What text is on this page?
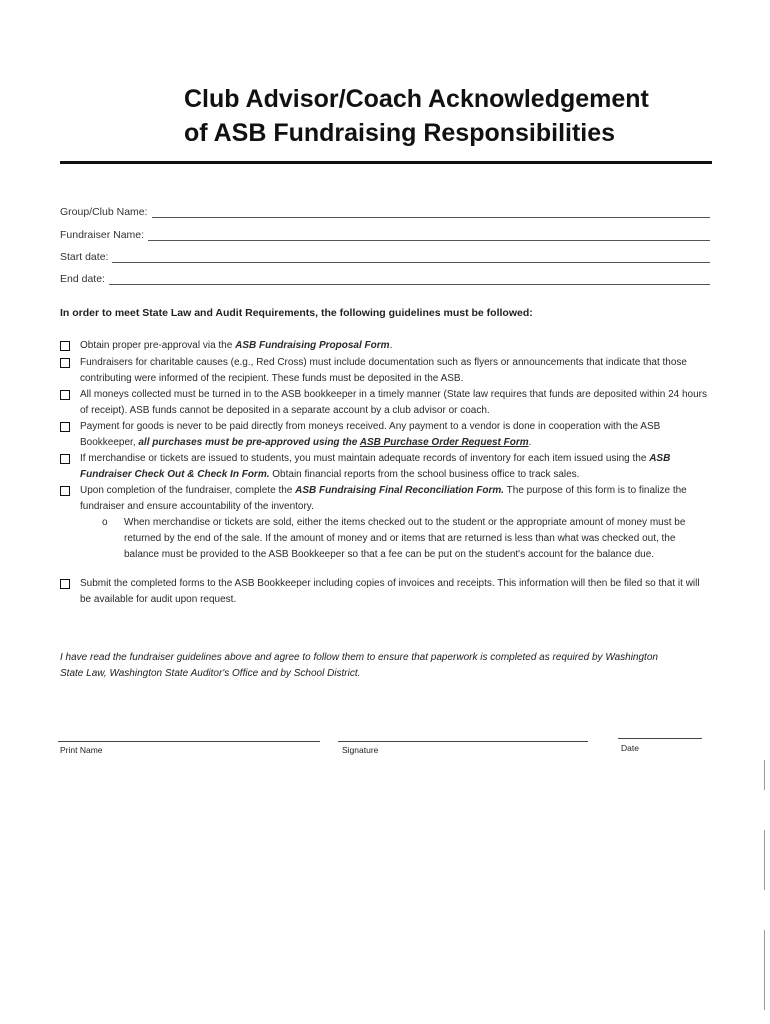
Club Advisor/Coach Acknowledgement
of ASB Fundraising Responsibilities
Group/Club Name:
Fundraiser Name:
Start date:
End date:
In order to meet State Law and Audit Requirements, the following guidelines must be followed:
Obtain proper pre-approval via the ASB Fundraising Proposal Form.
Fundraisers for charitable causes (e.g., Red Cross) must include documentation such as flyers or announcements that indicate that those contributing were informed of the recipient. These funds must be deposited in the ASB.
All moneys collected must be turned in to the ASB bookkeeper in a timely manner (State law requires that funds are deposited within 24 hours of receipt). ASB funds cannot be deposited in a separate account by a club advisor or coach.
Payment for goods is never to be paid directly from moneys received. Any payment to a vendor is done in cooperation with the ASB Bookkeeper, all purchases must be pre-approved using the ASB Purchase Order Request Form.
If merchandise or tickets are issued to students, you must maintain adequate records of inventory for each item issued using the ASB Fundraiser Check Out & Check In Form. Obtain financial reports from the school business office to track sales.
Upon completion of the fundraiser, complete the ASB Fundraising Final Reconciliation Form. The purpose of this form is to finalize the fundraiser and ensure accountability of the inventory.
o When merchandise or tickets are sold, either the items checked out to the student or the appropriate amount of money must be returned by the end of the sale. If the amount of money and or items that are returned is less than what was checked out, the balance must be provided to the ASB Bookkeeper so that a fee can be put on the student's account for the balance due.
Submit the completed forms to the ASB Bookkeeper including copies of invoices and receipts. This information will then be filed so that it will be available for audit upon request.
I have read the fundraiser guidelines above and agree to follow them to ensure that paperwork is completed as required by Washington State Law, Washington State Auditor's Office and by School District.
Print Name	Signature	Date
